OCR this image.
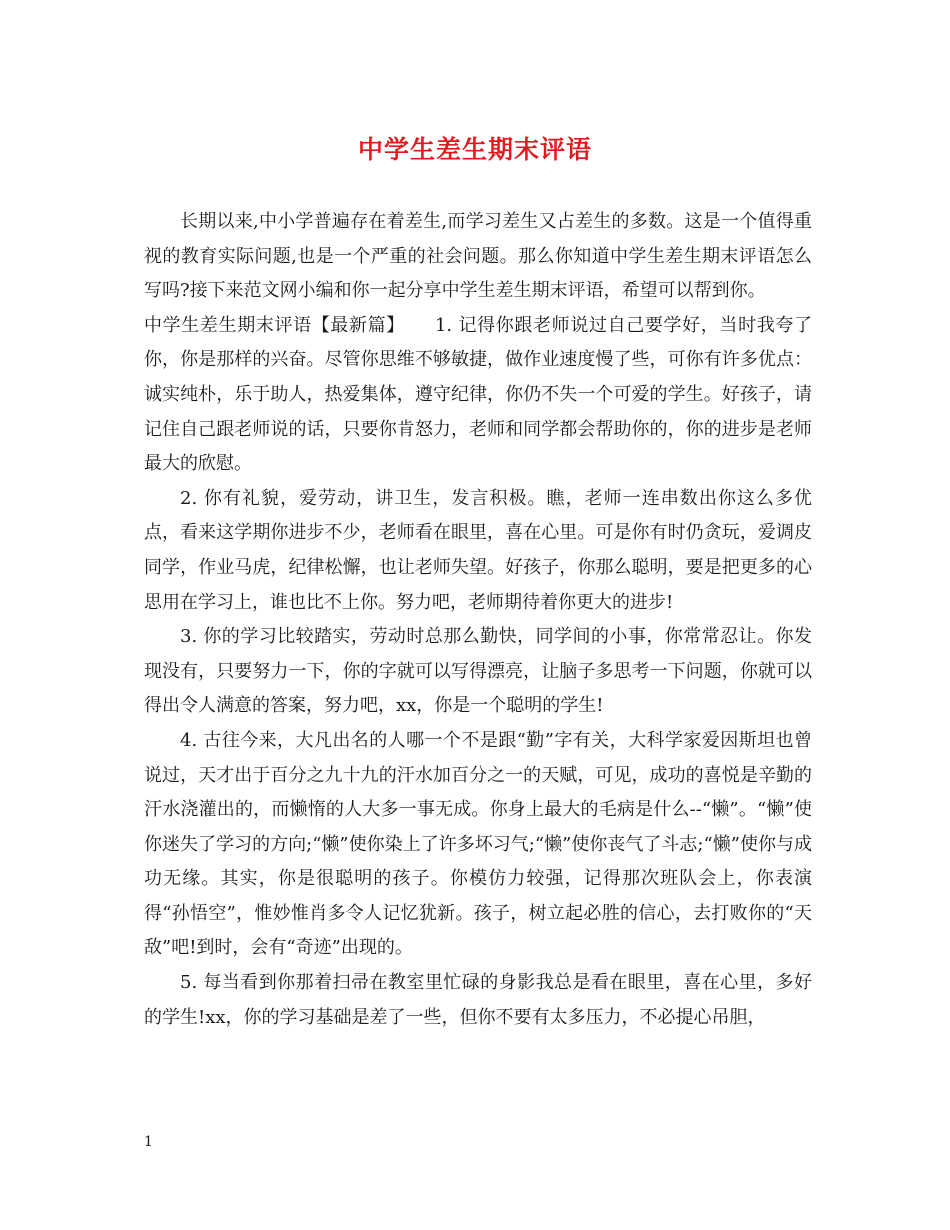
中学生差生期末评语

长期以来,中小学普遍存在着差生,而学习差生又占差生的多数。这是一个值得重视的教育实际问题,也是一个严重的社会问题。那么你知道中学生差生期末评语怎么写吗?接下来范文网小编和你一起分享中学生差生期末评语，希望可以帮到你。

中学生差生期末评语【最新篇】 1. 记得你跟老师说过自己要学好，当时我夸了你，你是那样的兴奋。尽管你思维不够敏捷，做作业速度慢了些，可你有许多优点：诚实纯朴，乐于助人，热爱集体，遵守纪律，你仍不失一个可爱的学生。好孩子，请记住自己跟老师说的话，只要你肯怒力，老师和同学都会帮助你的，你的进步是老师最大的欣慰。

2. 你有礼貌，爱劳动，讲卫生，发言积极。瞧，老师一连串数出你这么多优点，看来这学期你进步不少，老师看在眼里，喜在心里。可是你有时仍贪玩，爱调皮同学，作业马虎，纪律松懈，也让老师失望。好孩子，你那么聪明，要是把更多的心思用在学习上，谁也比不上你。努力吧，老师期待着你更大的进步!

3. 你的学习比较踏实，劳动时总那么勤快，同学间的小事，你常常忍让。你发现没有，只要努力一下，你的字就可以写得漂亮，让脑子多思考一下问题，你就可以得出令人满意的答案，努力吧，xx，你是一个聪明的学生!

4. 古往今来，大凡出名的人哪一个不是跟“勤”字有关，大科学家爱因斯坦也曾说过，天才出于百分之九十九的汗水加百分之一的天赋，可见，成功的喜悦是辛勤的汗水浇灌出的，而懒惰的人大多一事无成。你身上最大的毛病是什么--“懒”。“懒”使你迷失了学习的方向;“懒”使你染上了许多坏习气;“懒”使你丧气了斗志;“懒”使你与成功无缘。其实，你是很聪明的孩子。你模仿力较强，记得那次班队会上，你表演得“孙悟空”，惟妙惟肖多令人记忆犹新。孩子，树立起必胜的信心，去打败你的“天敌”吧!到时，会有“奇迹”出现的。

5. 每当看到你那着扫帚在教室里忙碌的身影我总是看在眼里，喜在心里，多好的学生!xx，你的学习基础是差了一些，但你不要有太多压力，不必提心吊胆，

1
